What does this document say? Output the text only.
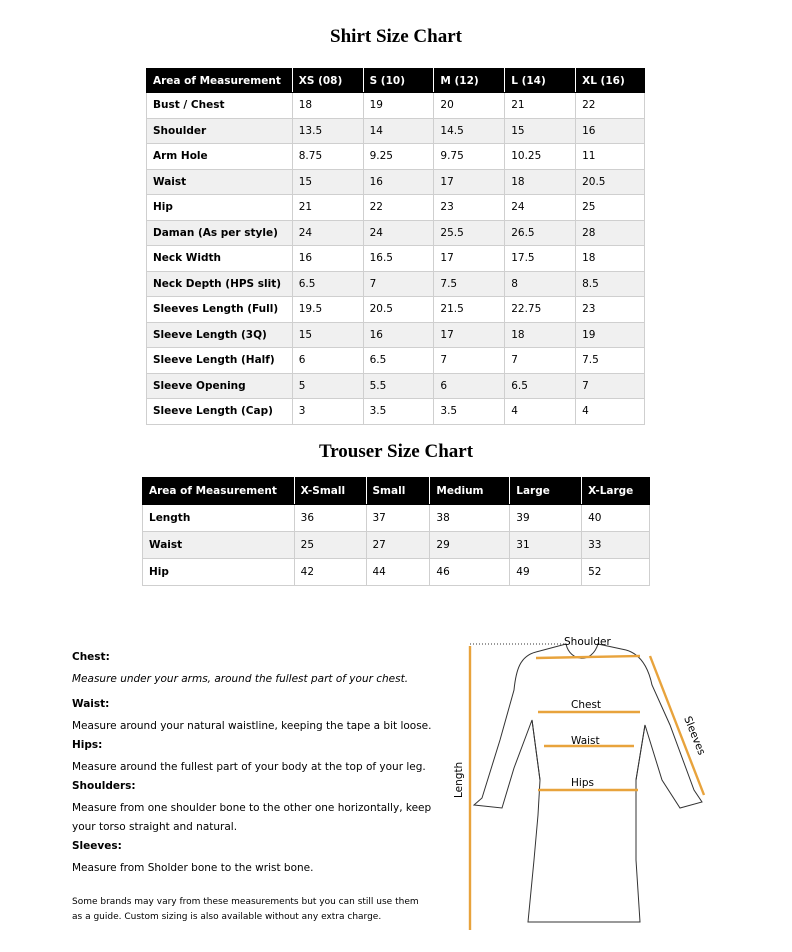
Shirt Size Chart
Area of Measurement	XS (08)	S (10)	M (12)	L (14)	XL (16)
Bust / Chest	18	19	20	21	22
Shoulder	13.5	14	14.5	15	16
Arm Hole	8.75	9.25	9.75	10.25	11
Waist	15	16	17	18	20.5
Hip	21	22	23	24	25
Daman (As per style)	24	24	25.5	26.5	28
Neck Width	16	16.5	17	17.5	18
Neck Depth (HPS slit)	6.5	7	7.5	8	8.5
Sleeves Length (Full)	19.5	20.5	21.5	22.75	23
Sleeve Length (3Q)	15	16	17	18	19
Sleeve Length (Half)	6	6.5	7	7	7.5
Sleeve Opening	5	5.5	6	6.5	7
Sleeve Length (Cap)	3	3.5	3.5	4	4
Trouser Size Chart
Area of Measurement	X-Small	Small	Medium	Large	X-Large
Length	36	37	38	39	40
Waist	25	27	29	31	33
Hip	42	44	46	49	52
Chest:
Measure under your arms, around the fullest part of your chest.
Waist:
Measure around your natural waistline, keeping the tape a bit loose.
Hips:
Measure around the fullest part of your body at the top of your leg.
Shoulders:
Measure from one shoulder bone to the other one horizontally, keep your torso straight and natural.
Sleeves:
Measure from Sholder bone to the wrist bone.
Some brands may vary from these measurements but you can still use them as a guide. Custom sizing is also available without any extra charge.
Shoulder
Chest
Waist
Hips
Length
Sleeves
